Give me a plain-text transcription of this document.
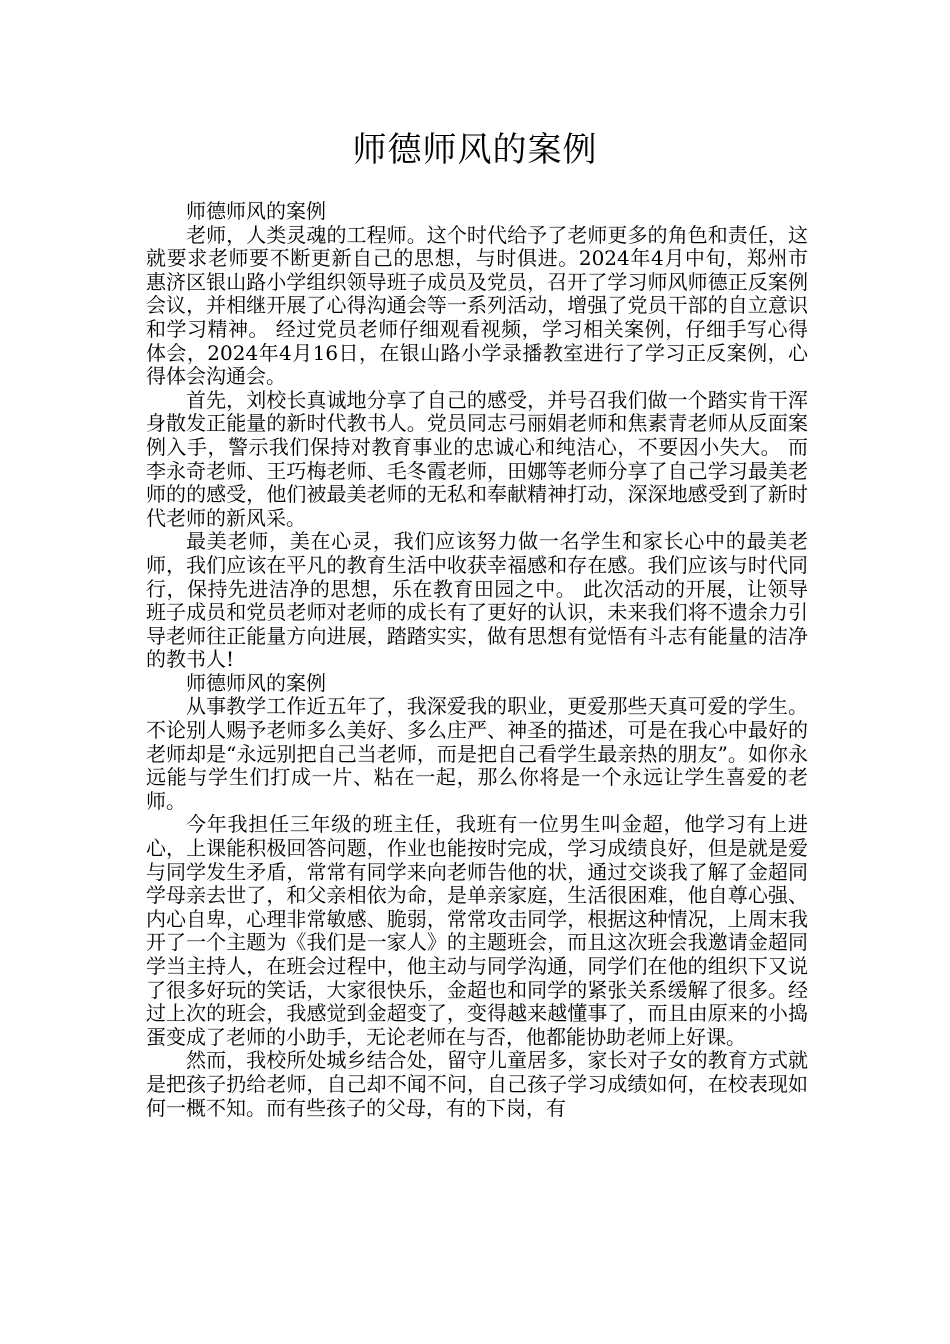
师德师风的案例

师德师风的案例

老师，人类灵魂的工程师。这个时代给予了老师更多的角色和责任，这就要求老师要不断更新自己的思想，与时俱进。2024年4月中旬，郑州市惠济区银山路小学组织领导班子成员及党员，召开了学习师风师德正反案例会议，并相继开展了心得沟通会等一系列活动，增强了党员干部的自立意识和学习精神。 经过党员老师仔细观看视频，学习相关案例，仔细手写心得体会，2024年4月16日，在银山路小学录播教室进行了学习正反案例，心得体会沟通会。

首先，刘校长真诚地分享了自己的感受，并号召我们做一个踏实肯干浑身散发正能量的新时代教书人。党员同志弓丽娟老师和焦素青老师从反面案例入手，警示我们保持对教育事业的忠诚心和纯洁心，不要因小失大。 而李永奇老师、王巧梅老师、毛冬霞老师，田娜等老师分享了自己学习最美老师的的感受，他们被最美老师的无私和奉献精神打动，深深地感受到了新时代老师的新风采。

最美老师，美在心灵，我们应该努力做一名学生和家长心中的最美老师，我们应该在平凡的教育生活中收获幸福感和存在感。我们应该与时代同行，保持先进洁净的思想，乐在教育田园之中。 此次活动的开展，让领导班子成员和党员老师对老师的成长有了更好的认识，未来我们将不遗余力引导老师往正能量方向进展，踏踏实实，做有思想有觉悟有斗志有能量的洁净的教书人!

师德师风的案例

从事教学工作近五年了，我深爱我的职业，更爱那些天真可爱的学生。不论别人赐予老师多么美好、多么庄严、神圣的描述，可是在我心中最好的老师却是“永远别把自己当老师，而是把自己看学生最亲热的朋友”。如你永远能与学生们打成一片、粘在一起，那么你将是一个永远让学生喜爱的老师。

今年我担任三年级的班主任，我班有一位男生叫金超，他学习有上进心，上课能积极回答问题，作业也能按时完成，学习成绩良好，但是就是爱与同学发生矛盾，常常有同学来向老师告他的状，通过交谈我了解了金超同学母亲去世了，和父亲相依为命，是单亲家庭，生活很困难，他自尊心强、内心自卑，心理非常敏感、脆弱，常常攻击同学，根据这种情况，上周末我开了一个主题为《我们是一家人》的主题班会，而且这次班会我邀请金超同学当主持人，在班会过程中，他主动与同学沟通，同学们在他的组织下又说了很多好玩的笑话，大家很快乐，金超也和同学的紧张关系缓解了很多。经过上次的班会，我感觉到金超变了，变得越来越懂事了，而且由原来的小捣蛋变成了老师的小助手，无论老师在与否，他都能协助老师上好课。

然而，我校所处城乡结合处，留守儿童居多，家长对子女的教育方式就是把孩子扔给老师，自己却不闻不问，自己孩子学习成绩如何，在校表现如何一概不知。而有些孩子的父母，有的下岗，有
